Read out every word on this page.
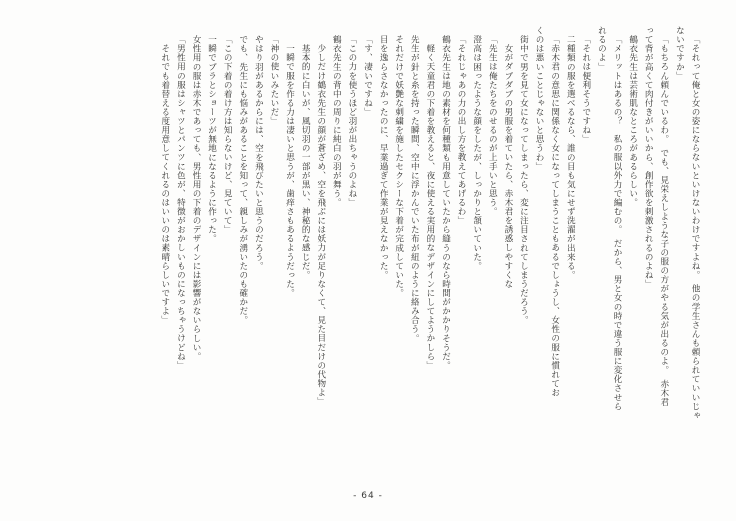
「それって俺と女の姿にならないといけないわけですよね。　他の学生さんも頼られていいじゃ
ないですか」
「もちろん頼んでいるわ。　でも、見栄えしような子の服の方がやる気が出るのよ。　赤木君
って背が高くて肉付きがいいから、創作欲を刺激されるのよね」
　鶴衣先生は芸術肌なところがあるらしい。
「メリットはあるの？　私の服以外力で編むの。　だから、男と女の時で違う服に変化させら
れるのよ」
「それは便利そうですね」
　二種類の服を選べるなら、誰の目も気にせず洗濯が出来る。
「赤木君の意思に関係なく女になってしまうこともあるでしょうし、女性の服に慣れてお
くのは悪いことじゃないと思うわ」
　街中で男を見て女になってしまったら、変に注目されてしまうだろう。
　女がダブダブの男服を着ていたら、赤木君を誘惑しやすくな
「先生は俺たちをのせるのが上手いと思う。
　澄高は困ったような顔をしたが、しっかりと頷いていた。
「それじゃあの力の出し方を教えてあげるわ」
　鶴衣先生は地の素材を何種類も用意していたから縫うのなら時間がかかりそうだ。
　軽く天童君の下着を教えると、夜に使える実用的なデザインにしてようかしら」
　先生が針と糸を持った瞬間、空中に浮かんでいた布が紐のように絡み合う。
　それだけで妖艶な刺繍を施したセクシーな下着が完成していた。
　目を逸らさなかったのに、早業過ぎて作業が見えなかった。
「す、凄いですね」
「この力を使うほど羽が出ちゃうのよね」
　鶴衣先生の背中の周りに純白の羽が舞う。
　少しだけ鶴衣先生の顔が蒼ざめ、空を飛ぶには妖力が足りなくて、見た目だけの代物よ」
　基本的に白いが、風切羽の一部が黒い、神秘的な感じだ。
　一瞬で服を作る力は凄いと思うが、歯痒さもあるようだった。
「神の使いみたいだ」
　やはり羽があるからには、空を飛びたいと思うのだろう。
　でも、先生にも悩みがあることを知って、親しみが湧いたのも確かだ。
「この下着の着け方は知らないけど、見ていて」
　一瞬でブラとショーツが無地になるように作った。
　女性用の服は赤木であっても、男性用の下着のデザインには影響がないらしい。
「男性用の服はシャツとパンツに色が、特徴がおかしいものになっちゃうけどね」
　それでも着替える度用意してくれるのはいいのは素晴らしいですよ」
- 64 -
